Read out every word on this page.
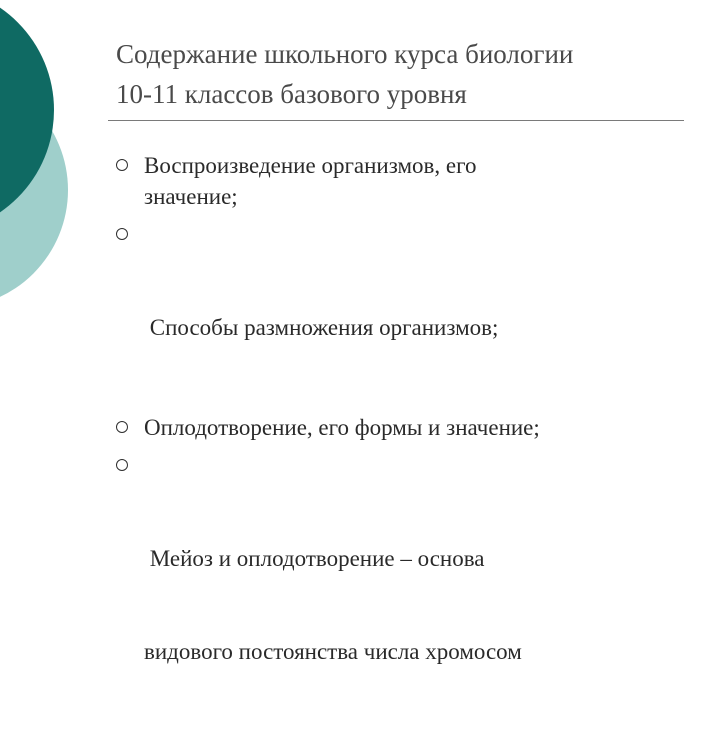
Содержание школьного курса биологии
10-11 классов базового уровня
Воспроизведение организмов, его
значение;

Способы размножения организмов;

Оплодотворение, его формы и значение;

Мейоз и оплодотворение – основа

видового постоянства числа хромосом
